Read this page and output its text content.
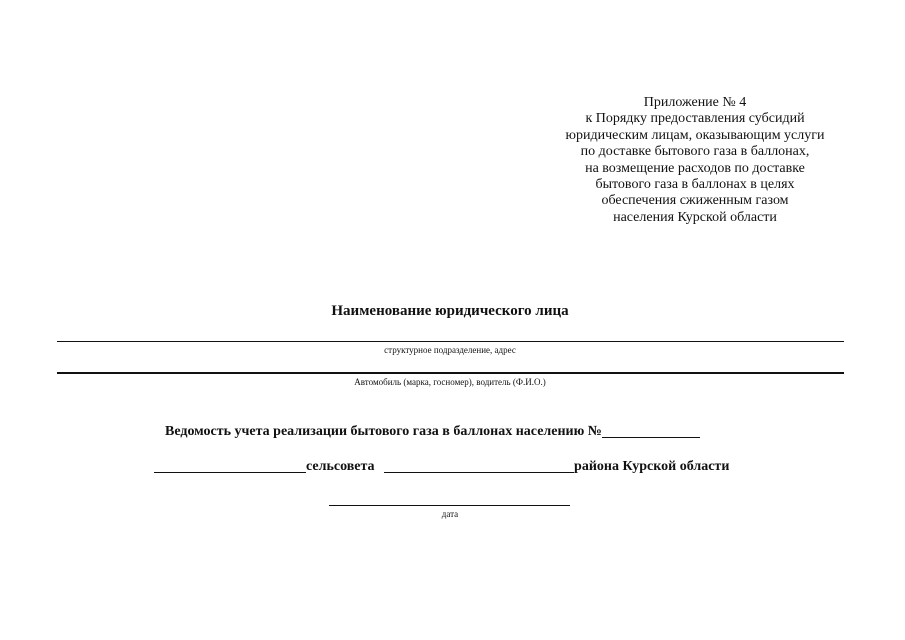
Приложение № 4
к Порядку предоставления субсидий
юридическим лицам, оказывающим услуги
по доставке бытового газа в баллонах,
на возмещение расходов по доставке
бытового газа в баллонах в целях
обеспечения сжиженным газом
населения Курской области
Наименование юридического лица
структурное подразделение, адрес
Автомобиль (марка, госномер), водитель (Ф.И.О.)
Ведомость учета реализации бытового газа в баллонах населению №
сельсовета	района Курской области
дата
